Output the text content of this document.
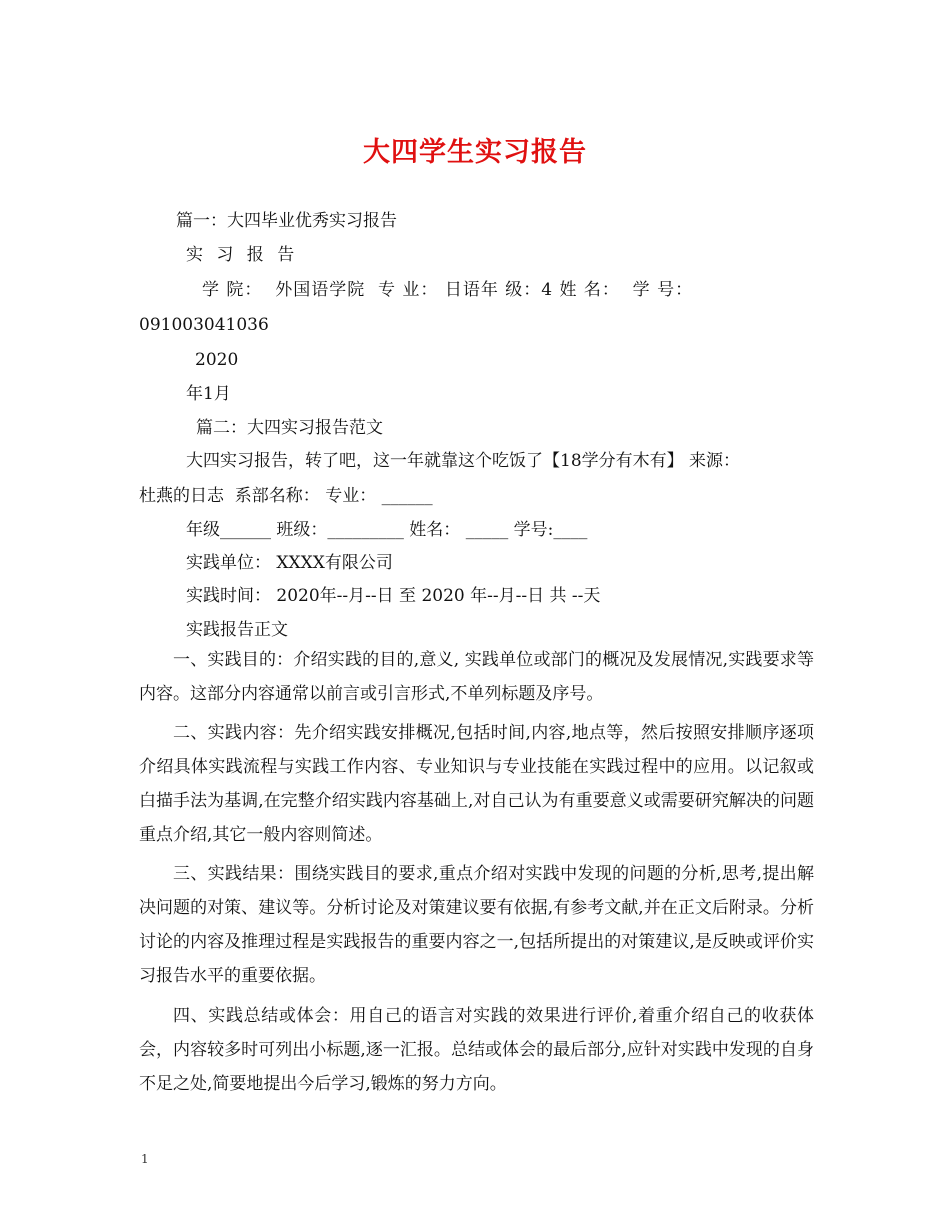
大四学生实习报告
篇一：大四毕业优秀实习报告
实 习 报 告
学 院：  外国语学院  专 业： 日语年 级：4 姓 名：  学 号：
091003041036
2020
年1月
篇二：大四实习报告范文
大四实习报告，转了吧，这一年就靠这个吃饭了【18学分有木有】 来源：
杜燕的日志  系部名称： 专业： ______
年级______ 班级：_________ 姓名： _____ 学号:____
实践单位： XXXX有限公司
实践时间： 2020年--月--日 至 2020 年--月--日 共 --天
实践报告正文
一、实践目的：介绍实践的目的,意义, 实践单位或部门的概况及发展情况,实践要求等内容。这部分内容通常以前言或引言形式,不单列标题及序号。
二、实践内容：先介绍实践安排概况,包括时间,内容,地点等，然后按照安排顺序逐项介绍具体实践流程与实践工作内容、专业知识与专业技能在实践过程中的应用。以记叙或白描手法为基调,在完整介绍实践内容基础上,对自己认为有重要意义或需要研究解决的问题重点介绍,其它一般内容则简述。
三、实践结果：围绕实践目的要求,重点介绍对实践中发现的问题的分析,思考,提出解决问题的对策、建议等。分析讨论及对策建议要有依据,有参考文献,并在正文后附录。分析讨论的内容及推理过程是实践报告的重要内容之一,包括所提出的对策建议,是反映或评价实习报告水平的重要依据。
四、实践总结或体会：用自己的语言对实践的效果进行评价,着重介绍自己的收获体会，内容较多时可列出小标题,逐一汇报。总结或体会的最后部分,应针对实践中发现的自身不足之处,简要地提出今后学习,锻炼的努力方向。
1
